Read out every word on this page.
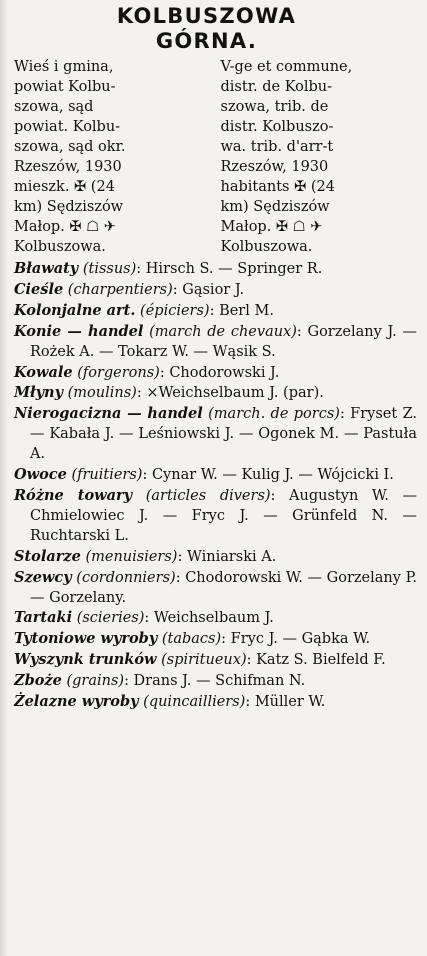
KOLBUSZOWA
GÓRNA.
Wieś i gmina,
powiat Kolbu-
szowa, sąd
powiat. Kolbu-
szowa, sąd okr.
Rzeszów, 1930
mieszk. ✠ (24
km) Sędziszów
Małop. ✠ ☖ ✈
Kolbuszowa.
V-ge et commune,
distr. de Kolbu-
szowa, trib. de
distr. Kolbuszo-
wa. trib. d'arr-t
Rzeszów, 1930
habitants ✠ (24
km) Sędziszów
Małop. ✠ ☖ ✈
Kolbuszowa.
Bławaty (tissus): Hirsch S. — Springer R.
Cieśle (charpentiers): Gąsior J.
Kolonjalne art. (épiciers): Berl M.
Konie — handel (march de chevaux): Gorzelany J. — Rożek A. — Tokarz W. — Wąsik S.
Kowale (forgerons): Chodorowski J.
Młyny (moulins): ×Weichselbaum J. (par).
Nierogacizna — handel (march. de porcs): Fryset Z. — Kabała J. — Leśniowski J. — Ogonek M. — Pastuła A.
Owoce (fruitiers): Cynar W. — Kulig J. — Wójcicki I.
Różne towary (articles divers): Augustyn W. — Chmielowiec J. — Fryc J. — Grünfeld N. — Ruchtarski L.
Stolarze (menuisiers): Winiarski A.
Szewcy (cordonniers): Chodorowski W. — Gorzelany P. — Gorzelany.
Tartaki (scieries): Weichselbaum J.
Tytoniowe wyroby (tabacs): Fryc J. — Gąbka W.
Wyszynk trunków (spiritueux): Katz S. Bielfeld F.
Zboże (grains): Drans J. — Schifman N.
Żelazne wyroby (quincailliers): Müller W.
